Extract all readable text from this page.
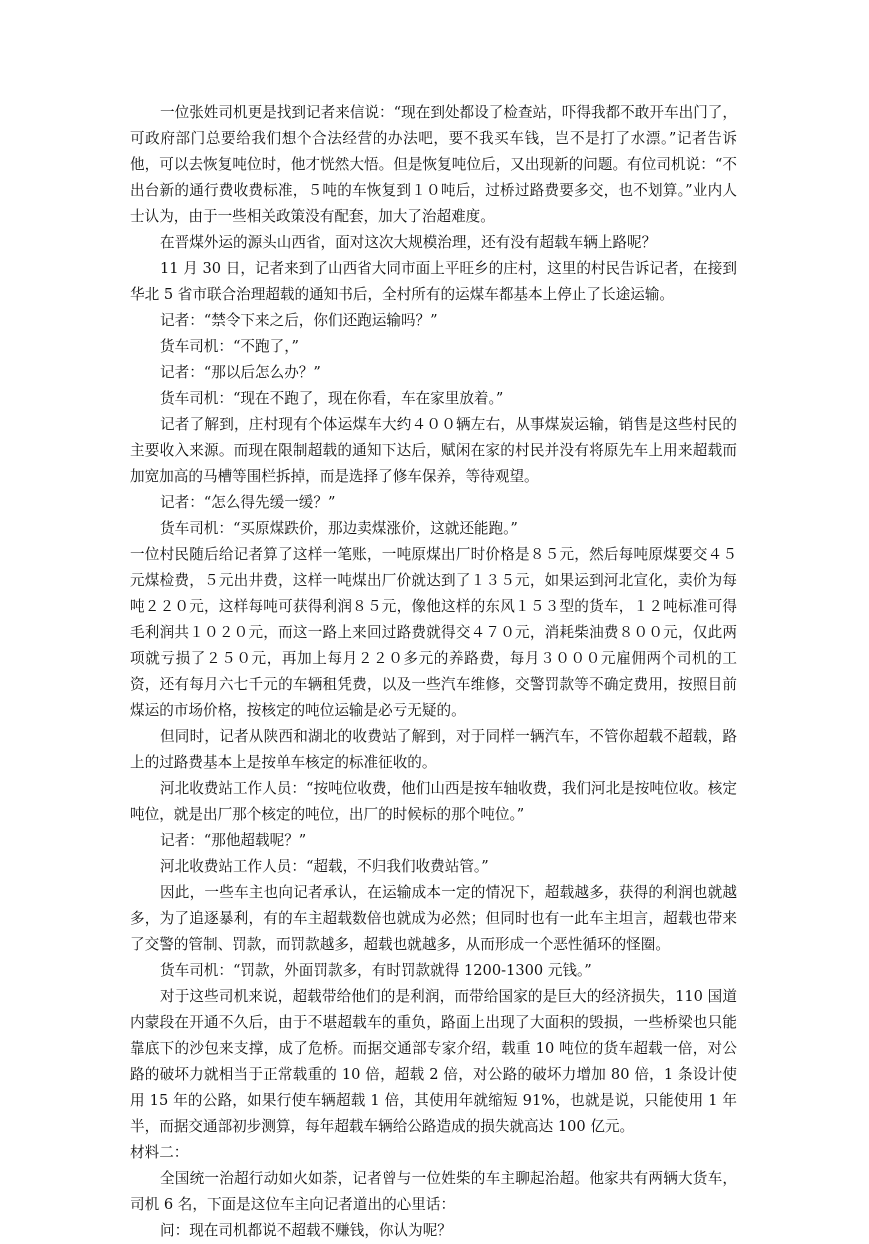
一位张姓司机更是找到记者来信说：“现在到处都设了检查站，吓得我都不敢开车出门了，可政府部门总要给我们想个合法经营的办法吧，要不我买车钱，岂不是打了水漂。”记者告诉他，可以去恢复吨位时，他才恍然大悟。但是恢复吨位后，又出现新的问题。有位司机说：“不出台新的通行费收费标准，５吨的车恢复到１０吨后，过桥过路费要多交，也不划算。”业内人士认为，由于一些相关政策没有配套，加大了治超难度。

在晋煤外运的源头山西省，面对这次大规模治理，还有没有超载车辆上路呢？

11 月 30 日，记者来到了山西省大同市面上平旺乡的庄村，这里的村民告诉记者，在接到华北 5 省市联合治理超载的通知书后，全村所有的运煤车都基本上停止了长途运输。

记者：“禁令下来之后，你们还跑运输吗？”

货车司机：“不跑了，”

记者：“那以后怎么办？”

货车司机：“现在不跑了，现在你看，车在家里放着。”

记者了解到，庄村现有个体运煤车大约４００辆左右，从事煤炭运输，销售是这些村民的主要收入来源。而现在限制超载的通知下达后，赋闲在家的村民并没有将原先车上用来超载而加宽加高的马槽等围栏拆掉，而是选择了修车保养，等待观望。

记者：“怎么得先缓一缓？”

货车司机：“买原煤跌价，那边卖煤涨价，这就还能跑。”

一位村民随后给记者算了这样一笔账，一吨原煤出厂时价格是８５元，然后每吨原煤要交４５元煤检费，５元出井费，这样一吨煤出厂价就达到了１３５元，如果运到河北宣化，卖价为每吨２２０元，这样每吨可获得利润８５元，像他这样的东风１５３型的货车，１２吨标准可得毛利润共１０２０元，而这一路上来回过路费就得交４７０元，消耗柴油费８００元，仅此两项就亏损了２５０元，再加上每月２２０多元的养路费，每月３０００元雇佣两个司机的工资，还有每月六七千元的车辆租凭费，以及一些汽车维修，交警罚款等不确定费用，按照目前煤运的市场价格，按核定的吨位运输是必亏无疑的。

但同时，记者从陕西和湖北的收费站了解到，对于同样一辆汽车，不管你超载不超载，路上的过路费基本上是按单车核定的标准征收的。

河北收费站工作人员：“按吨位收费，他们山西是按车轴收费，我们河北是按吨位收。核定吨位，就是出厂那个核定的吨位，出厂的时候标的那个吨位。”

记者：“那他超载呢？”

河北收费站工作人员：“超载，不归我们收费站管。”

因此，一些车主也向记者承认，在运输成本一定的情况下，超载越多，获得的利润也就越多，为了追逐暴利，有的车主超载数倍也就成为必然；但同时也有一此车主坦言，超载也带来了交警的管制、罚款，而罚款越多，超载也就越多，从而形成一个恶性循环的怪圈。

货车司机：“罚款，外面罚款多，有时罚款就得 1200-1300 元钱。”

对于这些司机来说，超载带给他们的是利润，而带给国家的是巨大的经济损失，110 国道内蒙段在开通不久后，由于不堪超载车的重负，路面上出现了大面积的毁损，一些桥梁也只能靠底下的沙包来支撑，成了危桥。而据交通部专家介绍，载重 10 吨位的货车超载一倍，对公路的破坏力就相当于正常载重的 10 倍，超载 2 倍，对公路的破坏力增加 80 倍，1 条设计使用 15 年的公路，如果行使车辆超载 1 倍，其使用年就缩短 91%，也就是说，只能使用 1 年半，而据交通部初步测算，每年超载车辆给公路造成的损失就高达 100 亿元。

材料二：

全国统一治超行动如火如荼，记者曾与一位姓柴的车主聊起治超。他家共有两辆大货车，司机 6 名，下面是这位车主向记者道出的心里话：

问：现在司机都说不超载不赚钱，你认为呢？
